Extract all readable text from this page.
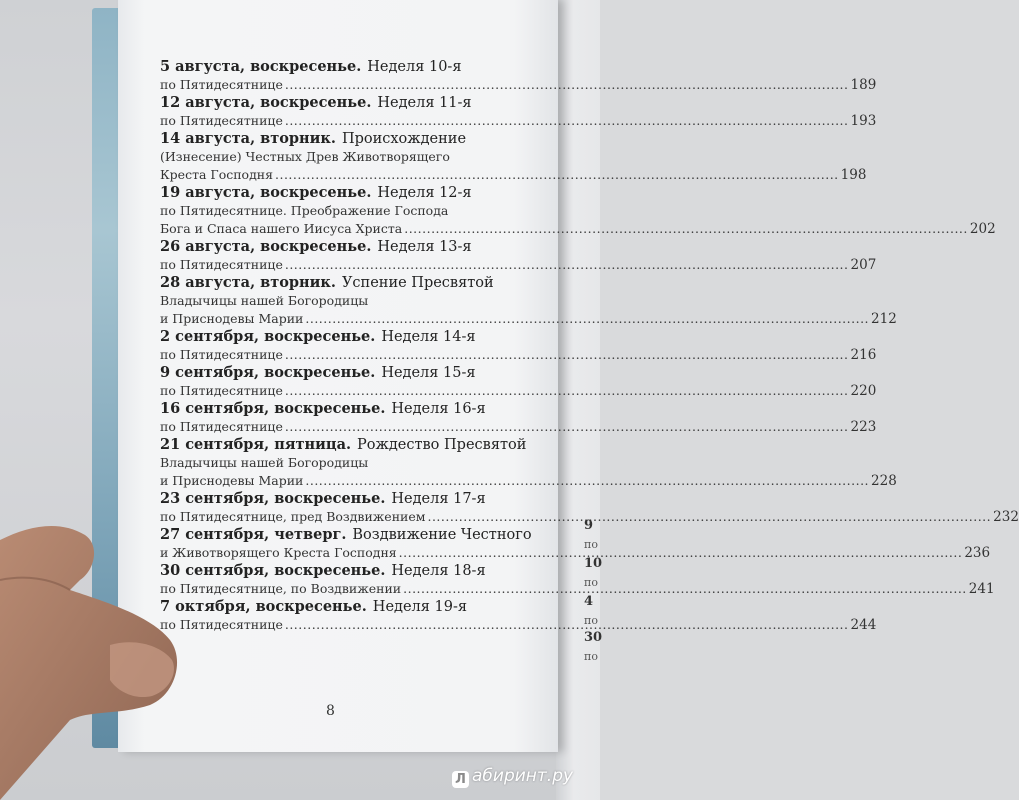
9
по
10
по
4
по
30
по
5 августа, воскресенье. Неделя 10-я
по Пятидесятнице .....	189
12 августа, воскресенье. Неделя 11-я
по Пятидесятнице .....	193
14 августа, вторник. Происхождение
(Изнесение) Честных Древ Животворящего
Креста Господня .....	198
19 августа, воскресенье. Неделя 12-я
по Пятидесятнице. Преображение Господа
Бога и Спаса нашего Иисуса Христа .....	202
26 августа, воскресенье. Неделя 13-я
по Пятидесятнице .....	207
28 августа, вторник. Успение Пресвятой
Владычицы нашей Богородицы
и Приснодевы Марии .....	212
2 сентября, воскресенье. Неделя 14-я
по Пятидесятнице .....	216
9 сентября, воскресенье. Неделя 15-я
по Пятидесятнице .....	220
16 сентября, воскресенье. Неделя 16-я
по Пятидесятнице .....	223
21 сентября, пятница. Рождество Пресвятой
Владычицы нашей Богородицы
и Приснодевы Марии .....	228
23 сентября, воскресенье. Неделя 17-я
по Пятидесятнице, пред Воздвижением .....	232
27 сентября, четверг. Воздвижение Честного
и Животворящего Креста Господня .....	236
30 сентября, воскресенье. Неделя 18-я
по Пятидесятнице, по Воздвижении .....	241
7 октября, воскресенье. Неделя 19-я
по Пятидесятнице .....	244
8
Л абиринт.ру
